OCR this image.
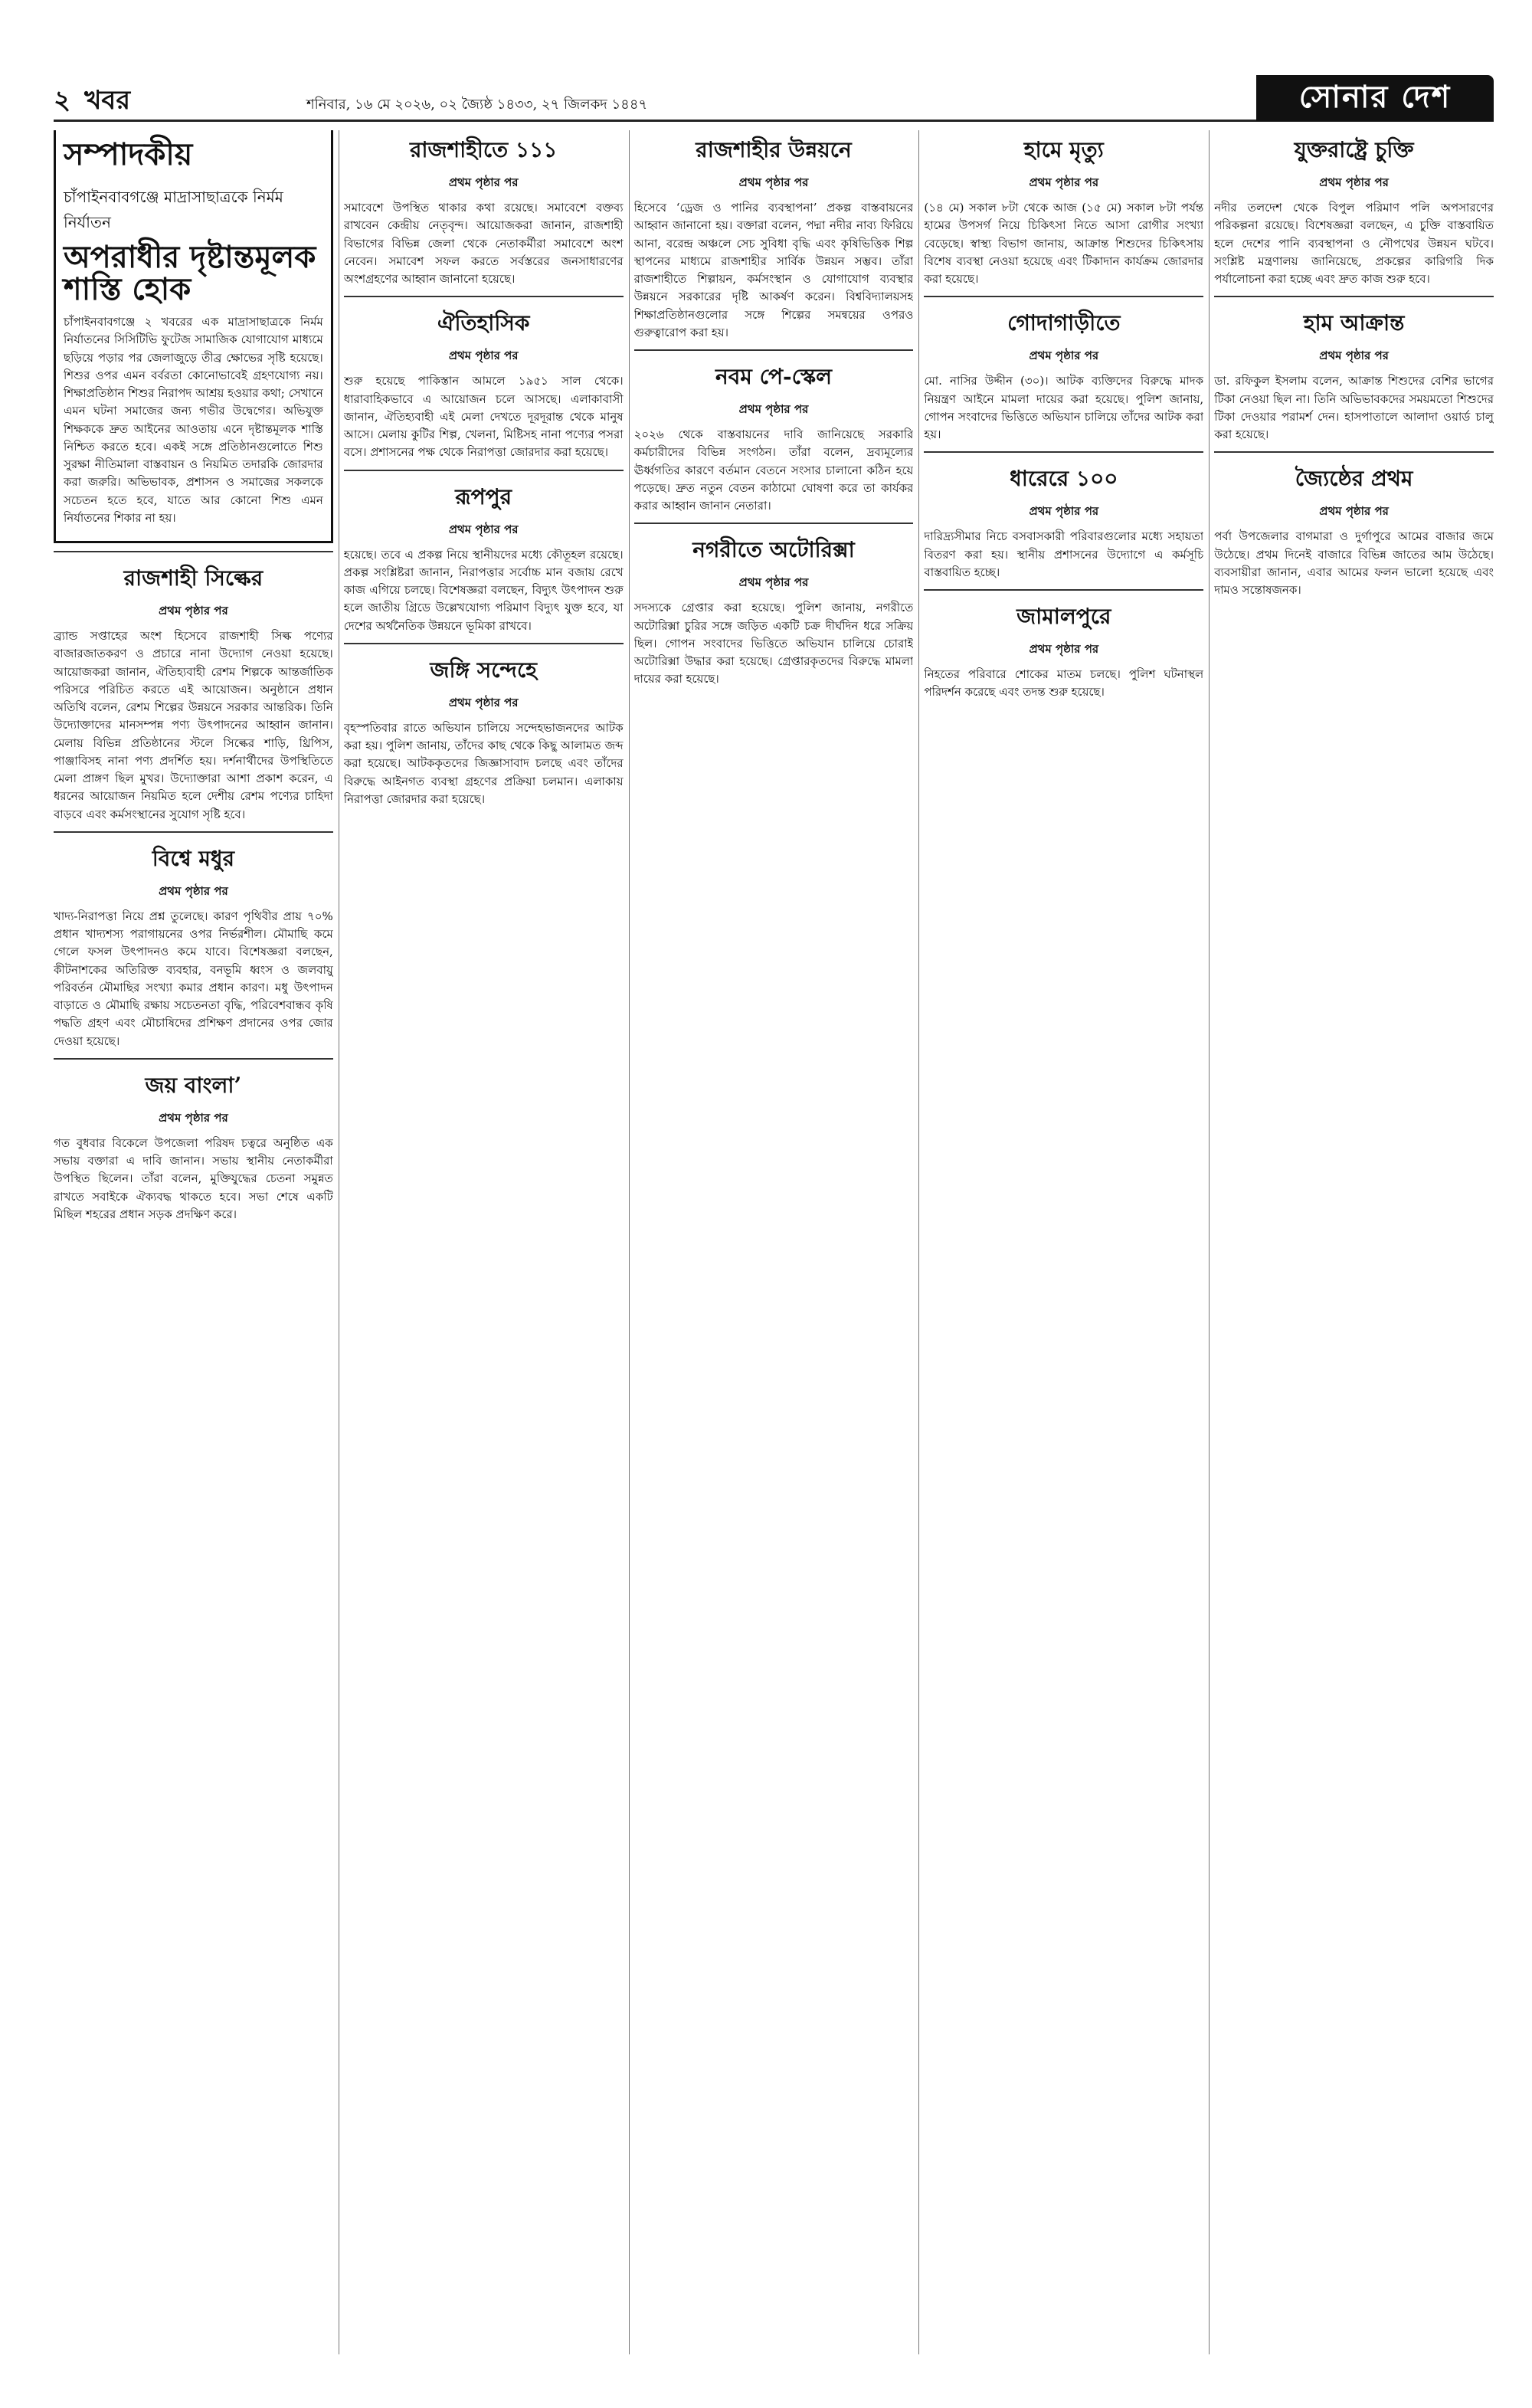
২ খবর	শনিবার, ১৬ মে ২০২৬, ০২ জ্যৈষ্ঠ ১৪৩৩, ২৭ জিলকদ ১৪৪৭	সোনার দেশ
সম্পাদকীয়
চাঁপাইনবাবগঞ্জে মাদ্রাসাছাত্রকে নির্মম নির্যাতন
অপরাধীর দৃষ্টান্তমূলক শাস্তি হোক

চাঁপাইনবাবগঞ্জে ২ খবরের এক মাদ্রাসাছাত্রকে নির্মম নির্যাতনের সিসিটিভি ফুটেজ সামাজিক যোগাযোগ মাধ্যমে ছড়িয়ে পড়ার পর জেলাজুড়ে তীব্র ক্ষোভের সৃষ্টি হয়েছে। শিশুর ওপর এমন বর্বরতা কোনোভাবেই গ্রহণযোগ্য নয়। শিক্ষাপ্রতিষ্ঠান শিশুর নিরাপদ আশ্রয় হওয়ার কথা; সেখানে এমন ঘটনা সমাজের জন্য গভীর উদ্বেগের। অভিযুক্ত শিক্ষককে দ্রুত আইনের আওতায় এনে দৃষ্টান্তমূলক শাস্তি নিশ্চিত করতে হবে। একই সঙ্গে প্রতিষ্ঠানগুলোতে শিশু সুরক্ষা নীতিমালা বাস্তবায়ন ও নিয়মিত তদারকি জোরদার করা জরুরি। অভিভাবক, প্রশাসন ও সমাজের সকলকে সচেতন হতে হবে, যাতে আর কোনো শিশু এমন নির্যাতনের শিকার না হয়।

রাজশাহী সিল্কের
প্রথম পৃষ্ঠার পর

ব্র্যান্ড সপ্তাহের অংশ হিসেবে রাজশাহী সিল্ক পণ্যের বাজারজাতকরণ ও প্রচারে নানা উদ্যোগ নেওয়া হয়েছে। আয়োজকরা জানান, ঐতিহ্যবাহী রেশম শিল্পকে আন্তর্জাতিক পরিসরে পরিচিত করতে এই আয়োজন। অনুষ্ঠানে প্রধান অতিথি বলেন, রেশম শিল্পের উন্নয়নে সরকার আন্তরিক। তিনি উদ্যোক্তাদের মানসম্পন্ন পণ্য উৎপাদনের আহ্বান জানান। মেলায় বিভিন্ন প্রতিষ্ঠানের স্টলে সিল্কের শাড়ি, থ্রিপিস, পাঞ্জাবিসহ নানা পণ্য প্রদর্শিত হয়। দর্শনার্থীদের উপস্থিতিতে মেলা প্রাঙ্গণ ছিল মুখর। উদ্যোক্তারা আশা প্রকাশ করেন, এ ধরনের আয়োজন নিয়মিত হলে দেশীয় রেশম পণ্যের চাহিদা বাড়বে এবং কর্মসংস্থানের সুযোগ সৃষ্টি হবে।

বিশ্বে মধুর
প্রথম পৃষ্ঠার পর

খাদ্য-নিরাপত্তা নিয়ে প্রশ্ন তুলেছে। কারণ পৃথিবীর প্রায় ৭০% প্রধান খাদ্যশস্য পরাগায়নের ওপর নির্ভরশীল। মৌমাছি কমে গেলে ফসল উৎপাদনও কমে যাবে। বিশেষজ্ঞরা বলছেন, কীটনাশকের অতিরিক্ত ব্যবহার, বনভূমি ধ্বংস ও জলবায়ু পরিবর্তন মৌমাছির সংখ্যা কমার প্রধান কারণ। মধু উৎপাদন বাড়াতে ও মৌমাছি রক্ষায় সচেতনতা বৃদ্ধি, পরিবেশবান্ধব কৃষি পদ্ধতি গ্রহণ এবং মৌচাষিদের প্রশিক্ষণ প্রদানের ওপর জোর দেওয়া হয়েছে।

জয় বাংলা’
প্রথম পৃষ্ঠার পর

গত বুধবার বিকেলে উপজেলা পরিষদ চত্বরে অনুষ্ঠিত এক সভায় বক্তারা এ দাবি জানান। সভায় স্থানীয় নেতাকর্মীরা উপস্থিত ছিলেন। তাঁরা বলেন, মুক্তিযুদ্ধের চেতনা সমুন্নত রাখতে সবাইকে ঐক্যবদ্ধ থাকতে হবে। সভা শেষে একটি মিছিল শহরের প্রধান সড়ক প্রদক্ষিণ করে।

রাজশাহীতে ১১১
প্রথম পৃষ্ঠার পর

সমাবেশে উপস্থিত থাকার কথা রয়েছে। সমাবেশে বক্তব্য রাখবেন কেন্দ্রীয় নেতৃবৃন্দ। আয়োজকরা জানান, রাজশাহী বিভাগের বিভিন্ন জেলা থেকে নেতাকর্মীরা সমাবেশে অংশ নেবেন। সমাবেশ সফল করতে সর্বস্তরের জনসাধারণের অংশগ্রহণের আহ্বান জানানো হয়েছে।

ঐতিহাসিক
প্রথম পৃষ্ঠার পর

শুরু হয়েছে পাকিস্তান আমলে ১৯৫১ সাল থেকে। ধারাবাহিকভাবে এ আয়োজন চলে আসছে। এলাকাবাসী জানান, ঐতিহ্যবাহী এই মেলা দেখতে দূরদূরান্ত থেকে মানুষ আসে। মেলায় কুটির শিল্প, খেলনা, মিষ্টিসহ নানা পণ্যের পসরা বসে। প্রশাসনের পক্ষ থেকে নিরাপত্তা জোরদার করা হয়েছে।

রূপপুর
প্রথম পৃষ্ঠার পর

হয়েছে। তবে এ প্রকল্প নিয়ে স্থানীয়দের মধ্যে কৌতূহল রয়েছে। প্রকল্প সংশ্লিষ্টরা জানান, নিরাপত্তার সর্বোচ্চ মান বজায় রেখে কাজ এগিয়ে চলছে। বিশেষজ্ঞরা বলছেন, বিদ্যুৎ উৎপাদন শুরু হলে জাতীয় গ্রিডে উল্লেখযোগ্য পরিমাণ বিদ্যুৎ যুক্ত হবে, যা দেশের অর্থনৈতিক উন্নয়নে ভূমিকা রাখবে।

জঙ্গি সন্দেহে
প্রথম পৃষ্ঠার পর

বৃহস্পতিবার রাতে অভিযান চালিয়ে সন্দেহভাজনদের আটক করা হয়। পুলিশ জানায়, তাঁদের কাছ থেকে কিছু আলামত জব্দ করা হয়েছে। আটককৃতদের জিজ্ঞাসাবাদ চলছে এবং তাঁদের বিরুদ্ধে আইনগত ব্যবস্থা গ্রহণের প্রক্রিয়া চলমান। এলাকায় নিরাপত্তা জোরদার করা হয়েছে।

রাজশাহীর উন্নয়নে
প্রথম পৃষ্ঠার পর

হিসেবে ‘ড্রেজ ও পানির ব্যবস্থাপনা’ প্রকল্প বাস্তবায়নের আহ্বান জানানো হয়। বক্তারা বলেন, পদ্মা নদীর নাব্য ফিরিয়ে আনা, বরেন্দ্র অঞ্চলে সেচ সুবিধা বৃদ্ধি এবং কৃষিভিত্তিক শিল্প স্থাপনের মাধ্যমে রাজশাহীর সার্বিক উন্নয়ন সম্ভব। তাঁরা রাজশাহীতে শিল্পায়ন, কর্মসংস্থান ও যোগাযোগ ব্যবস্থার উন্নয়নে সরকারের দৃষ্টি আকর্ষণ করেন। বিশ্ববিদ্যালয়সহ শিক্ষাপ্রতিষ্ঠানগুলোর সঙ্গে শিল্পের সমন্বয়ের ওপরও গুরুত্বারোপ করা হয়।

নবম পে-স্কেল
প্রথম পৃষ্ঠার পর

২০২৬ থেকে বাস্তবায়নের দাবি জানিয়েছে সরকারি কর্মচারীদের বিভিন্ন সংগঠন। তাঁরা বলেন, দ্রব্যমূল্যের ঊর্ধ্বগতির কারণে বর্তমান বেতনে সংসার চালানো কঠিন হয়ে পড়েছে। দ্রুত নতুন বেতন কাঠামো ঘোষণা করে তা কার্যকর করার আহ্বান জানান নেতারা।

নগরীতে অটোরিক্সা
প্রথম পৃষ্ঠার পর

সদস্যকে গ্রেপ্তার করা হয়েছে। পুলিশ জানায়, নগরীতে অটোরিক্সা চুরির সঙ্গে জড়িত একটি চক্র দীর্ঘদিন ধরে সক্রিয় ছিল। গোপন সংবাদের ভিত্তিতে অভিযান চালিয়ে চোরাই অটোরিক্সা উদ্ধার করা হয়েছে। গ্রেপ্তারকৃতদের বিরুদ্ধে মামলা দায়ের করা হয়েছে।

হামে মৃত্যু
প্রথম পৃষ্ঠার পর

(১৪ মে) সকাল ৮টা থেকে আজ (১৫ মে) সকাল ৮টা পর্যন্ত হামের উপসর্গ নিয়ে চিকিৎসা নিতে আসা রোগীর সংখ্যা বেড়েছে। স্বাস্থ্য বিভাগ জানায়, আক্রান্ত শিশুদের চিকিৎসায় বিশেষ ব্যবস্থা নেওয়া হয়েছে এবং টিকাদান কার্যক্রম জোরদার করা হয়েছে।

গোদাগাড়ীতে
প্রথম পৃষ্ঠার পর

মো. নাসির উদ্দীন (৩০)। আটক ব্যক্তিদের বিরুদ্ধে মাদক নিয়ন্ত্রণ আইনে মামলা দায়ের করা হয়েছে। পুলিশ জানায়, গোপন সংবাদের ভিত্তিতে অভিযান চালিয়ে তাঁদের আটক করা হয়।

ধারেরে ১০০
প্রথম পৃষ্ঠার পর

দারিদ্র্যসীমার নিচে বসবাসকারী পরিবারগুলোর মধ্যে সহায়তা বিতরণ করা হয়। স্থানীয় প্রশাসনের উদ্যোগে এ কর্মসূচি বাস্তবায়িত হচ্ছে।

জামালপুরে
প্রথম পৃষ্ঠার পর

নিহতের পরিবারে শোকের মাতম চলছে। পুলিশ ঘটনাস্থল পরিদর্শন করেছে এবং তদন্ত শুরু হয়েছে।

যুক্তরাষ্ট্রে চুক্তি
প্রথম পৃষ্ঠার পর

নদীর তলদেশ থেকে বিপুল পরিমাণ পলি অপসারণের পরিকল্পনা রয়েছে। বিশেষজ্ঞরা বলছেন, এ চুক্তি বাস্তবায়িত হলে দেশের পানি ব্যবস্থাপনা ও নৌপথের উন্নয়ন ঘটবে। সংশ্লিষ্ট মন্ত্রণালয় জানিয়েছে, প্রকল্পের কারিগরি দিক পর্যালোচনা করা হচ্ছে এবং দ্রুত কাজ শুরু হবে।

হাম আক্রান্ত
প্রথম পৃষ্ঠার পর

ডা. রফিকুল ইসলাম বলেন, আক্রান্ত শিশুদের বেশির ভাগের টিকা নেওয়া ছিল না। তিনি অভিভাবকদের সময়মতো শিশুদের টিকা দেওয়ার পরামর্শ দেন। হাসপাতালে আলাদা ওয়ার্ড চালু করা হয়েছে।

জ্যৈষ্ঠের প্রথম
প্রথম পৃষ্ঠার পর

পর্বা উপজেলার বাগমারা ও দুর্গাপুরে আমের বাজার জমে উঠেছে। প্রথম দিনেই বাজারে বিভিন্ন জাতের আম উঠেছে। ব্যবসায়ীরা জানান, এবার আমের ফলন ভালো হয়েছে এবং দামও সন্তোষজনক।
